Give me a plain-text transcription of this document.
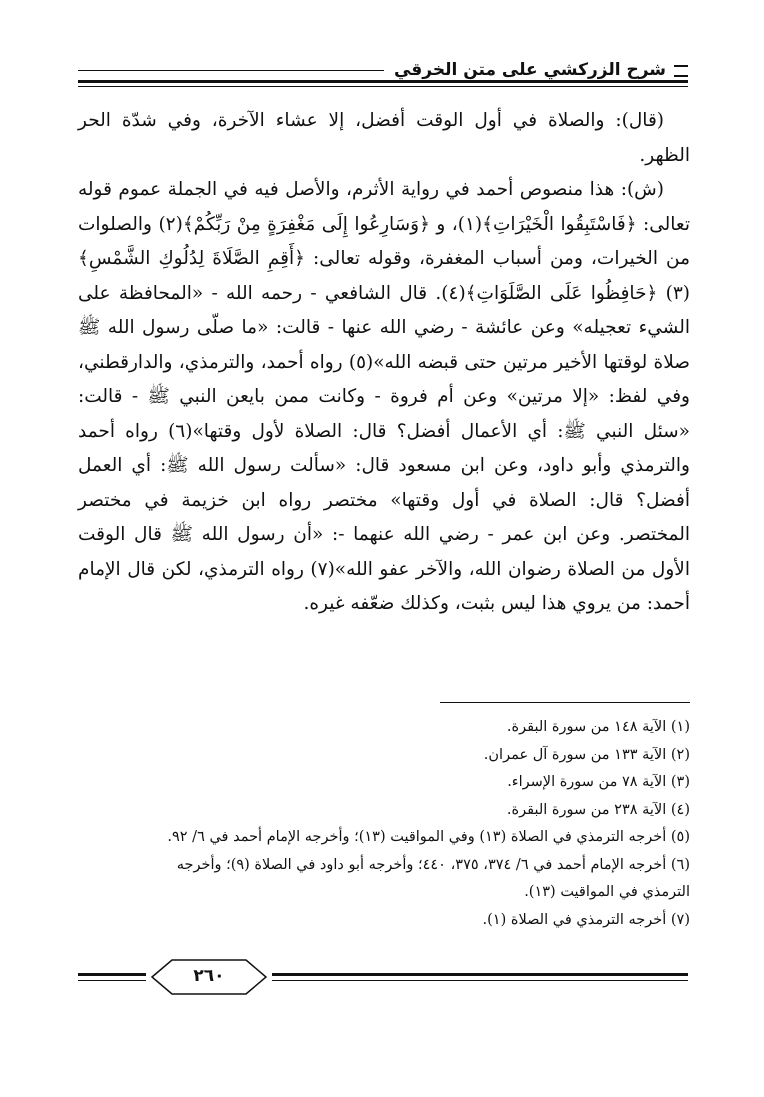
شرح الزركشي على متن الخرقي

(قال): والصلاة في أول الوقت أفضل، إلا عشاء الآخرة، وفي شدّة الحر الظهر.

(ش): هذا منصوص أحمد في رواية الأثرم، والأصل فيه في الجملة عموم قوله تعالى: ﴿فَاسْتَبِقُوا الْخَيْرَاتِ﴾(١)، و ﴿وَسَارِعُوا إِلَى مَغْفِرَةٍ مِنْ رَبِّكُمْ﴾(٢) والصلوات من الخيرات، ومن أسباب المغفرة، وقوله تعالى: ﴿أَقِمِ الصَّلَاةَ لِدُلُوكِ الشَّمْسِ﴾(٣) ﴿حَافِظُوا عَلَى الصَّلَوَاتِ﴾(٤). قال الشافعي - رحمه الله - «المحافظة على الشيء تعجيله» وعن عائشة - رضي الله عنها - قالت: «ما صلّى رسول الله ﷺ صلاة لوقتها الأخير مرتين حتى قبضه الله»(٥) رواه أحمد، والترمذي، والدارقطني، وفي لفظ: «إلا مرتين» وعن أم فروة - وكانت ممن بايعن النبي ﷺ - قالت: «سئل النبي ﷺ: أي الأعمال أفضل؟ قال: الصلاة لأول وقتها»(٦) رواه أحمد والترمذي وأبو داود، وعن ابن مسعود قال: «سألت رسول الله ﷺ: أي العمل أفضل؟ قال: الصلاة في أول وقتها» مختصر رواه ابن خزيمة في مختصر المختصر. وعن ابن عمر - رضي الله عنهما -: «أن رسول الله ﷺ قال الوقت الأول من الصلاة رضوان الله، والآخر عفو الله»(٧) رواه الترمذي، لكن قال الإمام أحمد: من يروي هذا ليس بثبت، وكذلك ضعّفه غيره.

(١) الآية ١٤٨ من سورة البقرة.

(٢) الآية ١٣٣ من سورة آل عمران.

(٣) الآية ٧٨ من سورة الإسراء.

(٤) الآية ٢٣٨ من سورة البقرة.

(٥) أخرجه الترمذي في الصلاة (١٣) وفي المواقيت (١٣)؛ وأخرجه الإمام أحمد في ٦/ ٩٢.

(٦) أخرجه الإمام أحمد في ٦/ ٣٧٤، ٣٧٥، ٤٤٠؛ وأخرجه أبو داود في الصلاة (٩)؛ وأخرجه الترمذي في المواقيت (١٣).

(٧) أخرجه الترمذي في الصلاة (١).

٢٦٠
